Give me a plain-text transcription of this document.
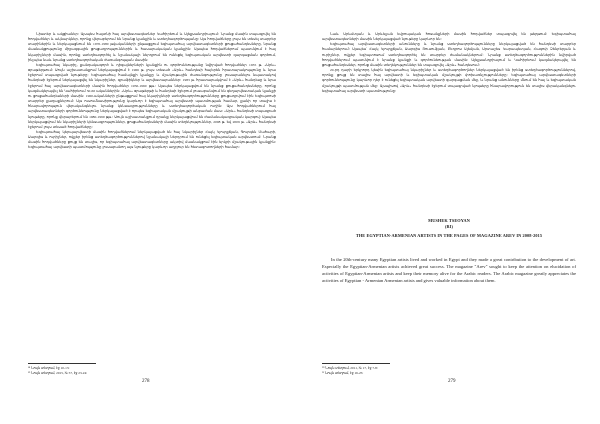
Նիստեր և ակցիաներ։ Այսպես հայտնի հայ արվեստագետներ Կահիրեում և Ալեքսանդրիայում։ Նրանց մասին տպագրվել են հոդվածներ և ակնարկներ, որոնք վերաբերում են նրանց կյանքին և ստեղծագործությանը։ Այս հոդվածները լույս են տեսել տարբեր տարիներին և ներկայացնում են 1970-1980 թվականների ընթացքում եգիպտահայ արվեստագետների ցուցահանդեսները, նրանց մասնակցությունը միջազգային ցուցադրություններին և հասարակական կյանքին։ Այսպես հոդվածներում պատմվում է հայ նկարիչների մասին, որոնք ստեղծագործել և նշանակալի ներդրում են ունեցել եգիպտական արվեստի զարգացման գործում, ինչպես նաև նրանց ստեղծագործական ժառանգության մասին։

Եգիպտահայ նկարիչ, քանդակագործ և դիզայներների կյանքին ու գործունեությանը նվիրված հոդվածներ 1935 թ. «Արև» օրաթերթում։ Սույն աշխատանքում ներկայացվում է 1966 թ. լույս տեսած «Արև» հանդեսի հայերեն հրատարակությունը և նրա էջերում տպագրված նյութերը։ Եգիպտահայ համայնքի կյանքը և մշակութային ժառանգությունը լուսաբանելու նպատակով հանդեսի էջերում ներկայացվել են նկարիչներ, գրաֆիկներ և արվեստաբաններ։ 1983 թ. հրատարակվում է «Արև» հանդեսը և նրա էջերում հայ արվեստագետների մասին հոդվածներ 1950-1960 թթ.։ Այսպես ներկայացվում են նրանց ցուցահանդեսները, որոնք կազմակերպվել են Կահիրեում 50-60 ականներին։ «Արև» օրաթերթի և հանդեսի էջերում լուսաբանվում են գեղարվեստական կյանքի ու ցուցահանդեսների մասին։ 1960-ականների ընթացքում հայ նկարիչների ստեղծագործությունները ցուցադրվում էին Եգիպտոսի տարբեր քաղաքներում։ Այս ուսումնասիրությունը կարևոր է եգիպտահայ արվեստի պատմության համար, քանի որ տալիս է հնարավորություն վերականգնելու նրանց կենսագրությունները և ստեղծագործական ուղին։ Այս հոդվածներում հայ արվեստագետների գործունեությունը ներկայացված է որպես եգիպտական մշակույթի անբաժան մաս։ «Արև» հանդեսի տպագրած նյութերը, որոնք վերաբերում են 1980-1990 թթ.։ Սույն աշխատանքում դրանք ներկայացվում են ժամանակագրական կարգով։ Այսպես ներկայացվում են նկարիչների կենսագրություններ, ցուցահանդեսների մասին տեղեկություններ, 2008 թ. եվ 2009 թ. «Արև» հանդեսի էջերում լույս տեսած հոդվածները։

Եգիպտահայ կերպարվեստի մասին հոդվածներում ներկայացված են հայ նկարիչներ Հայկ Կյուրքճյան, Գուրգեն Մահարի, Սարգիս և ուրիշներ, ովքեր իրենց ստեղծագործություններով նշանակալի ներդրում են ունեցել եգիպտական արվեստում։ Նրանց մասին հոդվածները ցույց են տալիս, որ եգիպտահայ արվեստագետները ակտիվ մասնակցում էին երկրի մշակութային կյանքին։ Եգիպտահայ արվեստի պատմությունը լուսաբանող այս նյութերը կարևոր աղբյուր են հետազոտողների համար։

¹⁸ Նույն տեղում, էջ 10-13:
¹⁹ Նույն տեղում, 2015, № 57, էջ 23-24:
278

Նաև Արևմտյան և Արևելյան եվրոպական հոսանքների մասին հոդվածներ տպագրվել են թերթում։ Եգիպտահայ արվեստագետների մասին ներկայացված նյութերը կարևոր են։

Եգիպտահայ արվեստագետների անունները և նրանց ստեղծագործությունները ներկայացված են հանդեսի տարբեր համարներում։ Այսպես՝ Հայկ Կյուրքճյան, Սարգիս Յուսուֆյան, Բեդրոս Ալեմյան, Արտաշես Կարապետյան, Հագոփ Զենբերյան և ուրիշներ, ովքեր Եգիպտոսում ստեղծագործել են տարբեր ժամանակներում։ Նրանց ստեղծագործություններին նվիրված հոդվածներում պատմվում է նրանց կյանքի և գործունեության մասին։ Ալեքսանդրիայում և Կահիրեում կազմակերպվել են ցուցահանդեսներ, որոնց մասին տեղեկություններ են տպագրվել «Արև» հանդեսում։

20-րդ դարի երկրորդ կեսին եգիպտահայ նկարիչներ և ստեղծագործողներ ներկայացված են իրենց ստեղծագործություններով, որոնք ցույց են տալիս հայ արվեստի և եգիպտական մշակույթի փոխառնչությունները։ Եգիպտահայ արվեստագետների գործունեությունը կարևոր դեր է ունեցել եգիպտական արվեստի զարգացման մեջ, և նրանց անունները մնում են հայ և եգիպտական մշակույթի պատմության մեջ։ Այսպիսով «Արև» հանդեսի էջերում տպագրված նյութերը հնարավորություն են տալիս վերականգնելու եգիպտահայ արվեստի պատմությունը։

MUSHEK TSEOYAN
(RI)
THE EGYPTIAN-ARMENIAN ARTISTS IN THE PAGES OF MAGAZINE AREV IN 2008-2015

In the 20th-century many Egyptian artists lived and worked in Egypt and they made a great contribution to the development of art. Especially the Egyptian-Armenian artists achieved great success. The magazine "Arev" sought to keep the attention on elucidation of activities of Egyptian-Armenian artists and keep their memory alive for the Arabic readers. The Arabic magazine greatly appreciates the activities of Egyptian - Armenian Armenian artists and gives valuable information about them.

²⁰ Նույն տեղում, 2011, № 17, էջ 7-8:
²¹ Նույն տեղում, էջ 16-25:
279
